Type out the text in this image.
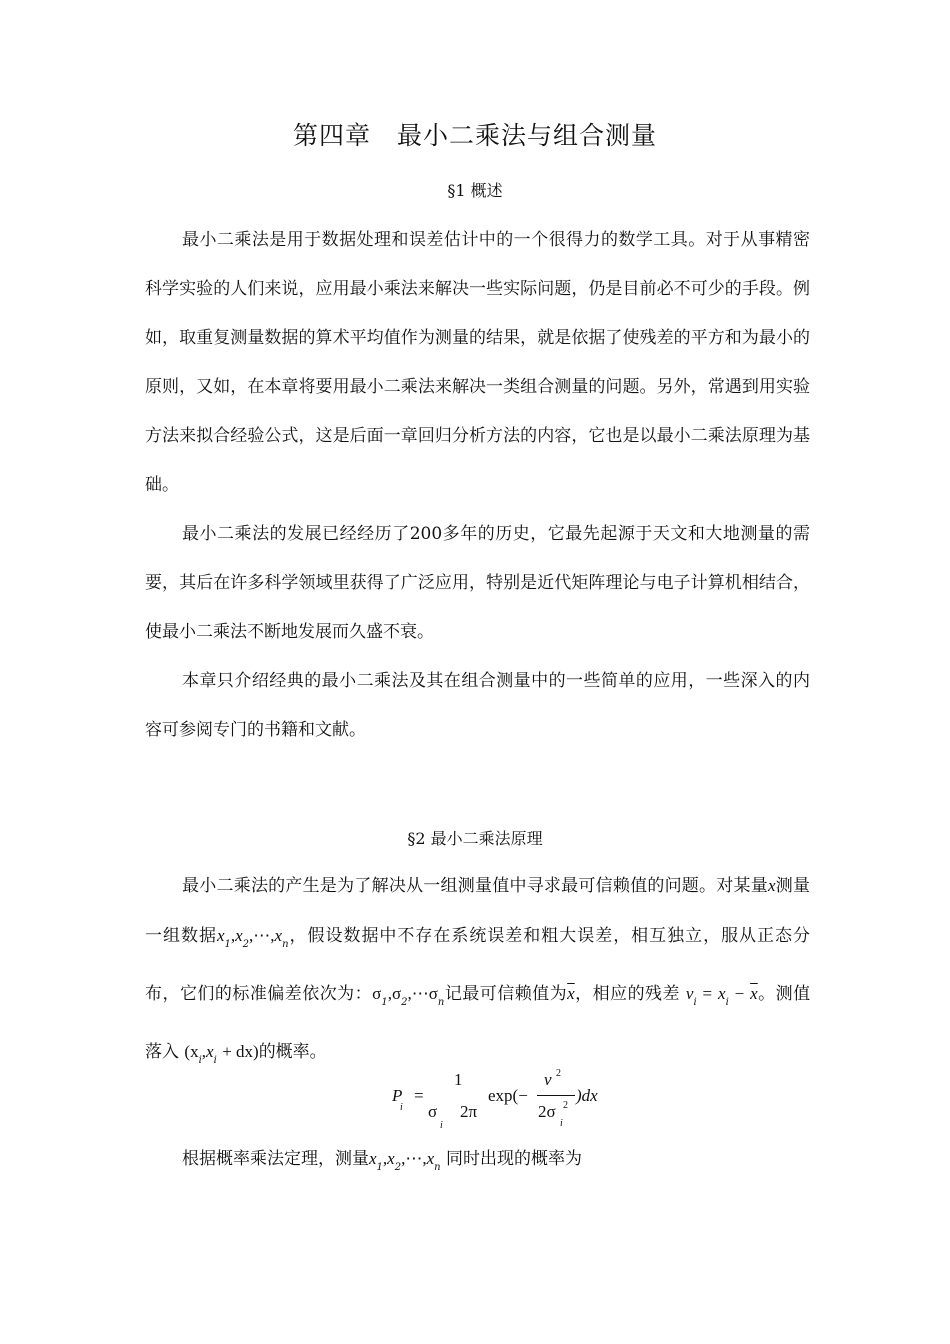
第四章　最小二乘法与组合测量
§1 概述

最小二乘法是用于数据处理和误差估计中的一个很得力的数学工具。对于从事精密科学实验的人们来说，应用最小乘法来解决一些实际问题，仍是目前必不可少的手段。例如，取重复测量数据的算术平均值作为测量的结果，就是依据了使残差的平方和为最小的原则，又如，在本章将要用最小二乘法来解决一类组合测量的问题。另外，常遇到用实验方法来拟合经验公式，这是后面一章回归分析方法的内容，它也是以最小二乘法原理为基础。

最小二乘法的发展已经经历了200多年的历史，它最先起源于天文和大地测量的需要，其后在许多科学领域里获得了广泛应用，特别是近代矩阵理论与电子计算机相结合，使最小二乘法不断地发展而久盛不衰。

本章只介绍经典的最小二乘法及其在组合测量中的一些简单的应用，一些深入的内容可参阅专门的书籍和文献。

§2 最小二乘法原理

最小二乘法的产生是为了解决从一组测量值中寻求最可信赖值的问题。对某量x测量一组数据$x_1,x_2,\cdots,x_n$，假设数据中不存在系统误差和粗大误差，相互独立，服从正态分布，它们的标准偏差依次为：$\sigma_1,\sigma_2,\cdots\sigma_n$记最可信赖值为$\overline{x}$，相应的残差 $v_i = x_i - \overline{x}$。测值落入 $(x_i,x_i + dx)$的概率。

P
i
=
1
σ
i
2π
exp(−
v 2
2σ 2
i
)dx

根据概率乘法定理，测量$x_1,x_2,\cdots,x_n$ 同时出现的概率为
